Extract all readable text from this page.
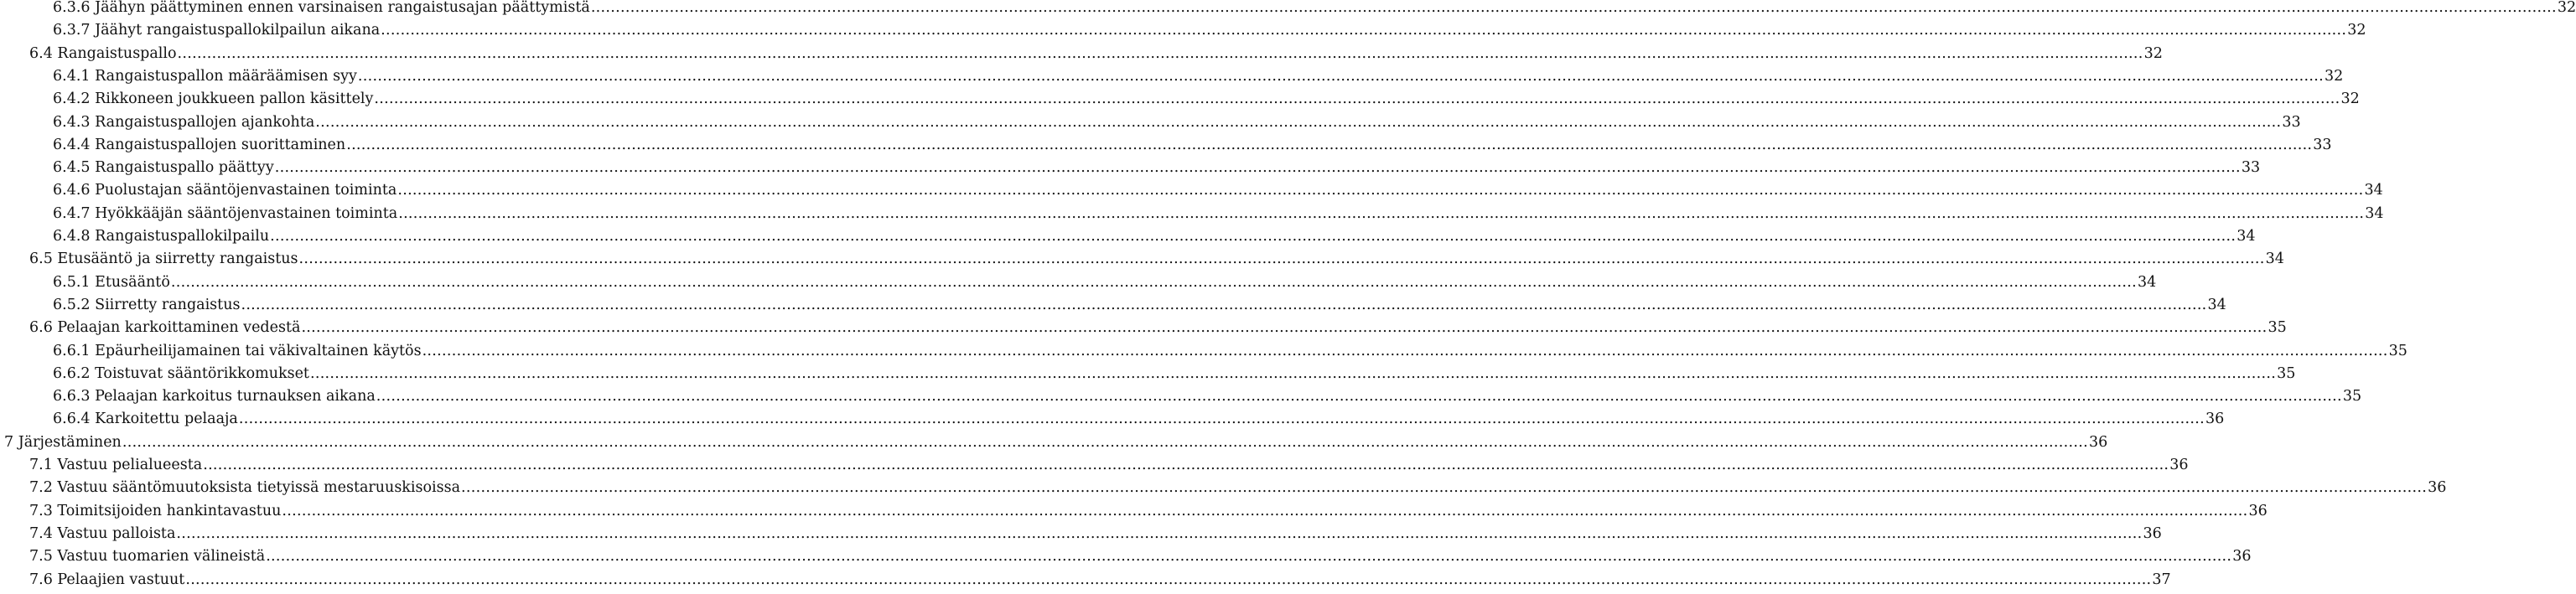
6.3.6 Jäähyn päättyminen ennen varsinaisen rangaistusajan päättymistä ................................................................................................................................................................................................................................................................................................................................................................................................................ 32
6.3.7 Jäähyt rangaistuspallokilpailun aikana ................................................................................................................................................................................................................................................................................................................................................................................................................ 32
6.4 Rangaistuspallo ................................................................................................................................................................................................................................................................................................................................................................................................................ 32
6.4.1 Rangaistuspallon määräämisen syy ................................................................................................................................................................................................................................................................................................................................................................................................................ 32
6.4.2 Rikkoneen joukkueen pallon käsittely ................................................................................................................................................................................................................................................................................................................................................................................................................ 32
6.4.3 Rangaistuspallojen ajankohta ................................................................................................................................................................................................................................................................................................................................................................................................................ 33
6.4.4 Rangaistuspallojen suorittaminen ................................................................................................................................................................................................................................................................................................................................................................................................................ 33
6.4.5 Rangaistuspallo päättyy ................................................................................................................................................................................................................................................................................................................................................................................................................ 33
6.4.6 Puolustajan sääntöjenvastainen toiminta ................................................................................................................................................................................................................................................................................................................................................................................................................ 34
6.4.7 Hyökkääjän sääntöjenvastainen toiminta ................................................................................................................................................................................................................................................................................................................................................................................................................ 34
6.4.8 Rangaistuspallokilpailu ................................................................................................................................................................................................................................................................................................................................................................................................................ 34
6.5 Etusääntö ja siirretty rangaistus ................................................................................................................................................................................................................................................................................................................................................................................................................ 34
6.5.1 Etusääntö ................................................................................................................................................................................................................................................................................................................................................................................................................ 34
6.5.2 Siirretty rangaistus ................................................................................................................................................................................................................................................................................................................................................................................................................ 34
6.6 Pelaajan karkoittaminen vedestä ................................................................................................................................................................................................................................................................................................................................................................................................................ 35
6.6.1 Epäurheilijamainen tai väkivaltainen käytös ................................................................................................................................................................................................................................................................................................................................................................................................................ 35
6.6.2 Toistuvat sääntörikkomukset ................................................................................................................................................................................................................................................................................................................................................................................................................ 35
6.6.3 Pelaajan karkoitus turnauksen aikana ................................................................................................................................................................................................................................................................................................................................................................................................................ 35
6.6.4 Karkoitettu pelaaja ................................................................................................................................................................................................................................................................................................................................................................................................................ 36
7 Järjestäminen ................................................................................................................................................................................................................................................................................................................................................................................................................ 36
7.1 Vastuu pelialueesta ................................................................................................................................................................................................................................................................................................................................................................................................................ 36
7.2 Vastuu sääntömuutoksista tietyissä mestaruuskisoissa ................................................................................................................................................................................................................................................................................................................................................................................................................ 36
7.3 Toimitsijoiden hankintavastuu ................................................................................................................................................................................................................................................................................................................................................................................................................ 36
7.4 Vastuu palloista ................................................................................................................................................................................................................................................................................................................................................................................................................ 36
7.5 Vastuu tuomarien välineistä ................................................................................................................................................................................................................................................................................................................................................................................................................ 36
7.6 Pelaajien vastuut ................................................................................................................................................................................................................................................................................................................................................................................................................ 37
